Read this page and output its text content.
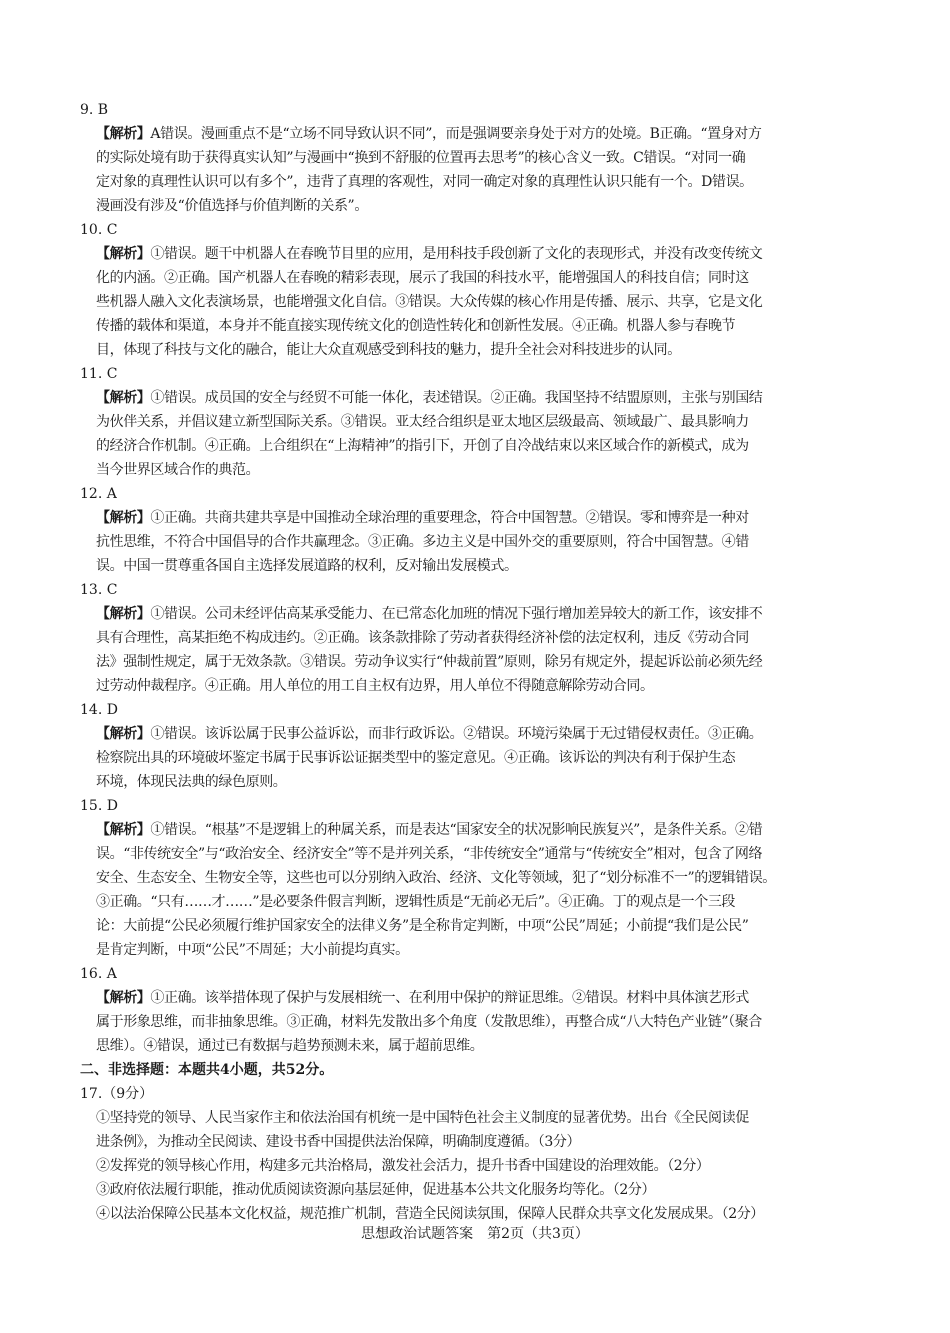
9. B
【解析】A错误。漫画重点不是“立场不同导致认识不同”，而是强调要亲身处于对方的处境。B正确。“置身对方
的实际处境有助于获得真实认知”与漫画中“换到不舒服的位置再去思考”的核心含义一致。C错误。“对同一确
定对象的真理性认识可以有多个”，违背了真理的客观性，对同一确定对象的真理性认识只能有一个。D错误。
漫画没有涉及“价值选择与价值判断的关系”。
10. C
【解析】①错误。题干中机器人在春晚节目里的应用，是用科技手段创新了文化的表现形式，并没有改变传统文
化的内涵。②正确。国产机器人在春晚的精彩表现，展示了我国的科技水平，能增强国人的科技自信；同时这
些机器人融入文化表演场景，也能增强文化自信。③错误。大众传媒的核心作用是传播、展示、共享，它是文化
传播的载体和渠道，本身并不能直接实现传统文化的创造性转化和创新性发展。④正确。机器人参与春晚节
目，体现了科技与文化的融合，能让大众直观感受到科技的魅力，提升全社会对科技进步的认同。
11. C
【解析】①错误。成员国的安全与经贸不可能一体化，表述错误。②正确。我国坚持不结盟原则，主张与别国结
为伙伴关系，并倡议建立新型国际关系。③错误。亚太经合组织是亚太地区层级最高、领域最广、最具影响力
的经济合作机制。④正确。上合组织在“上海精神”的指引下，开创了自冷战结束以来区域合作的新模式，成为
当今世界区域合作的典范。
12. A
【解析】①正确。共商共建共享是中国推动全球治理的重要理念，符合中国智慧。②错误。零和博弈是一种对
抗性思维，不符合中国倡导的合作共赢理念。③正确。多边主义是中国外交的重要原则，符合中国智慧。④错
误。中国一贯尊重各国自主选择发展道路的权利，反对输出发展模式。
13. C
【解析】①错误。公司未经评估高某承受能力、在已常态化加班的情况下强行增加差异较大的新工作，该安排不
具有合理性，高某拒绝不构成违约。②正确。该条款排除了劳动者获得经济补偿的法定权利，违反《劳动合同
法》强制性规定，属于无效条款。③错误。劳动争议实行“仲裁前置”原则，除另有规定外，提起诉讼前必须先经
过劳动仲裁程序。④正确。用人单位的用工自主权有边界，用人单位不得随意解除劳动合同。
14. D
【解析】①错误。该诉讼属于民事公益诉讼，而非行政诉讼。②错误。环境污染属于无过错侵权责任。③正确。
检察院出具的环境破坏鉴定书属于民事诉讼证据类型中的鉴定意见。④正确。该诉讼的判决有利于保护生态
环境，体现民法典的绿色原则。
15. D
【解析】①错误。“根基”不是逻辑上的种属关系，而是表达“国家安全的状况影响民族复兴”，是条件关系。②错
误。“非传统安全”与“政治安全、经济安全”等不是并列关系，“非传统安全”通常与“传统安全”相对，包含了网络
安全、生态安全、生物安全等，这些也可以分别纳入政治、经济、文化等领域，犯了“划分标准不一”的逻辑错误。
③正确。“只有……才……”是必要条件假言判断，逻辑性质是“无前必无后”。④正确。丁的观点是一个三段
论：大前提“公民必须履行维护国家安全的法律义务”是全称肯定判断，中项“公民”周延；小前提“我们是公民”
是肯定判断，中项“公民”不周延；大小前提均真实。
16. A
【解析】①正确。该举措体现了保护与发展相统一、在利用中保护的辩证思维。②错误。材料中具体演艺形式
属于形象思维，而非抽象思维。③正确，材料先发散出多个角度（发散思维），再整合成“八大特色产业链”（聚合
思维）。④错误，通过已有数据与趋势预测未来，属于超前思维。
二、非选择题：本题共4小题，共52分。
17.（9分）
①坚持党的领导、人民当家作主和依法治国有机统一是中国特色社会主义制度的显著优势。出台《全民阅读促
进条例》，为推动全民阅读、建设书香中国提供法治保障，明确制度遵循。（3分）
②发挥党的领导核心作用，构建多元共治格局，激发社会活力，提升书香中国建设的治理效能。（2分）
③政府依法履行职能，推动优质阅读资源向基层延伸，促进基本公共文化服务均等化。（2分）
④以法治保障公民基本文化权益，规范推广机制，营造全民阅读氛围，保障人民群众共享文化发展成果。（2分）
思想政治试题答案　第2页（共3页）
